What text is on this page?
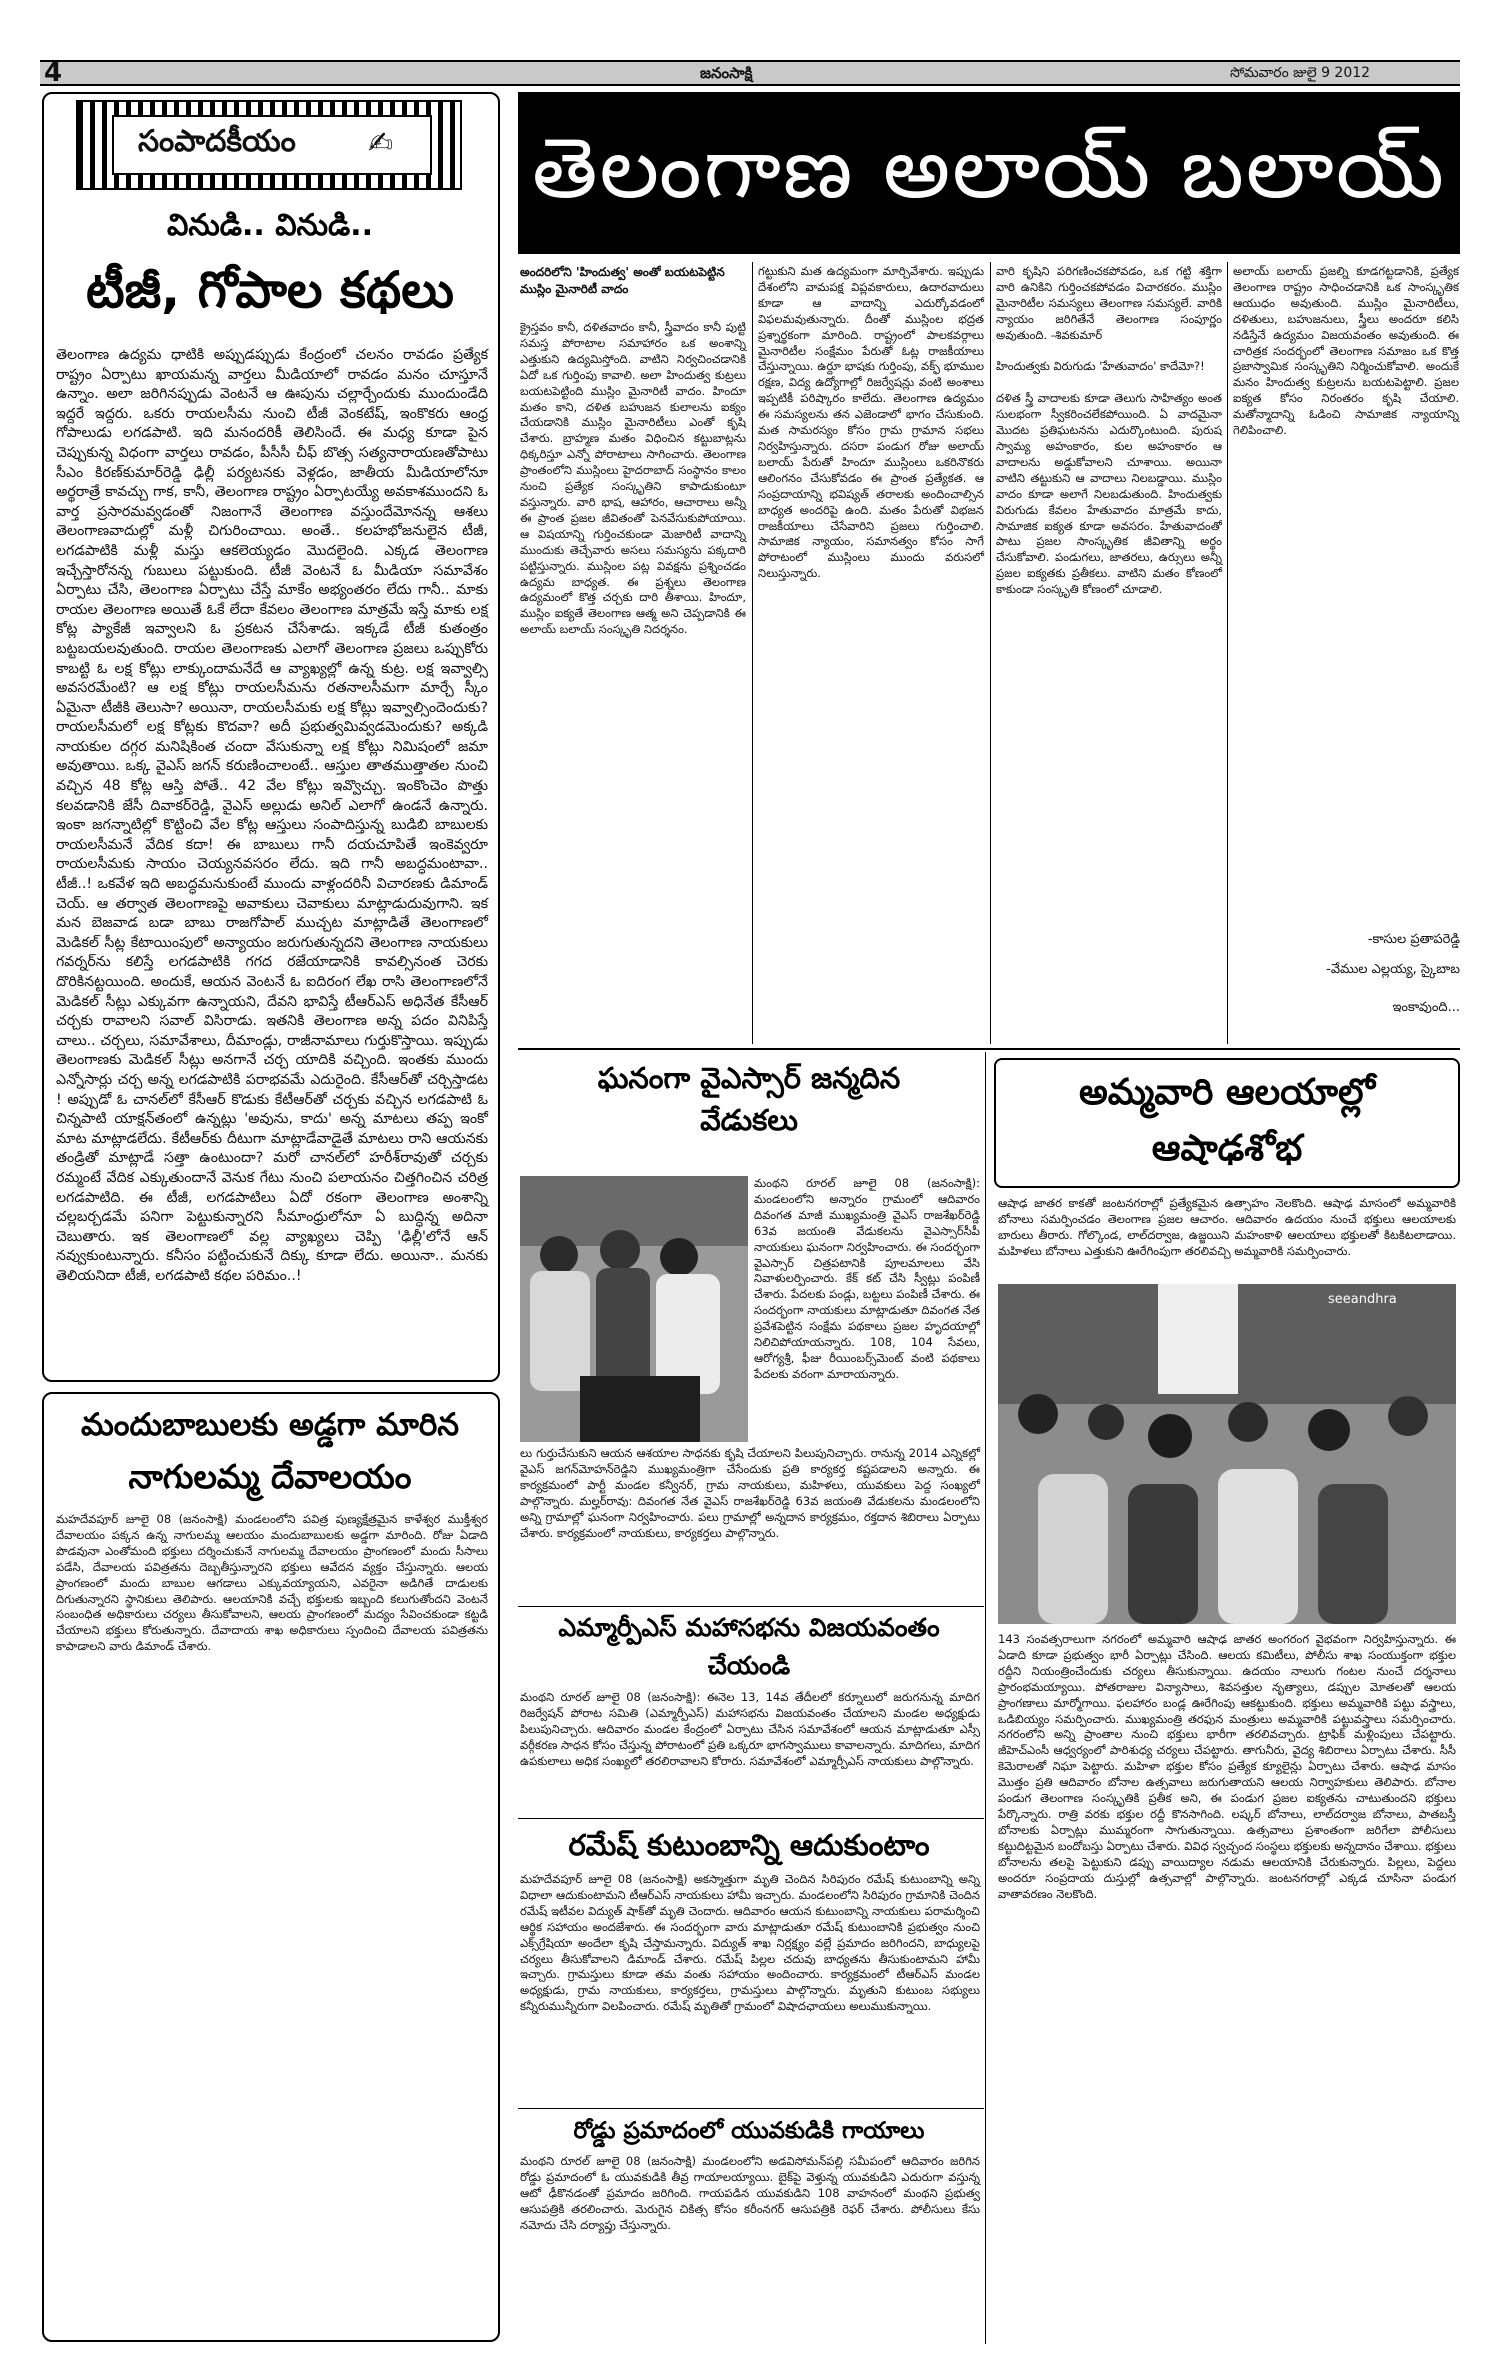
4	జనంసాక్షి	సోమవారం జులై 9 2012
సంపాదకీయం ✍
వినుడి.. వినుడి..
టీజీ, గోపాల కథలు
తెలంగాణ ఉద్యమ ధాటికి అప్పుడప్పుడు కేంద్రంలో చలనం రావడం ప్రత్యేక రాష్ట్రం ఏర్పాటు ఖాయమన్న వార్తలు మీడియాలో రావడం మనం చూస్తూనే ఉన్నాం. అలా జరిగినప్పుడు వెంటనే ఆ ఊపును చల్లార్చేందుకు ముందుండేది ఇద్దరే ఇద్దరు. ఒకరు రాయలసీమ నుంచి టీజీ వెంకటేష్, ఇంకొకరు ఆంధ్ర గోపాలుడు లగడపాటి. ఇది మనందరికీ తెలిసిందే. ఈ మధ్య కూడా పైన చెప్పుకున్న విధంగా వార్తలు రావడం, పీసీసీ చీఫ్ బొత్స సత్యనారాయణతోపాటు సీఎం కిరణ్‌కుమార్‌రెడ్డి ఢిల్లీ పర్యటనకు వెళ్లడం, జాతీయ మీడియాలోనూ అర్థరాత్రే కావచ్చు గాక, కానీ, తెలంగాణ రాష్ట్రం ఏర్పాటయ్యే అవకాశముందని ఓ వార్త ప్రసారమవ్వడంతో నిజంగానే తెలంగాణ వస్తుందేమోనన్న ఆశలు తెలంగాణవాదుల్లో మళ్లీ చిగురించాయి. అంతే.. కలహభోజనులైన టీజీ, లగడపాటికి మళ్లీ మస్తు ఆకలెయ్యడం మొదలైంది. ఎక్కడ తెలంగాణ ఇచ్చేస్తారోనన్న గుబులు పట్టుకుంది. టీజీ వెంటనే ఓ మీడియా సమావేశం ఏర్పాటు చేసి, తెలంగాణ ఏర్పాటు చేస్తే మాకేం అభ్యంతరం లేదు గానీ.. మాకు రాయల తెలంగాణ అయితే ఓకే లేదా కేవలం తెలంగాణ మాత్రమే ఇస్తే మాకు లక్ష కోట్ల ప్యాకేజీ ఇవ్వాలని ఓ ప్రకటన చేసేశాడు. ఇక్కడే టీజీ కుతంత్రం బట్టబయలవుతుంది. రాయల తెలంగాణకు ఎలాగో తెలంగాణ ప్రజలు ఒప్పుకోరు కాబట్టి ఓ లక్ష కోట్లు లాక్కుందామనేదే ఆ వ్యాఖ్యల్లో ఉన్న కుట్ర. లక్ష ఇవ్వాల్సి అవసరమేంటి? ఆ లక్ష కోట్లు రాయలసీమను రతనాలసీమగా మార్చే స్కీం ఏమైనా టీజీకి తెలుసా? అయినా, రాయలసీమకు లక్ష కోట్లు ఇవ్వాల్సిందెందుకు? రాయలసీమలో లక్ష కోట్లకు కొదవా? అదీ ప్రభుత్వమివ్వడమెందుకు? అక్కడి నాయకుల దగ్గర మనిషికింత చందా వేసుకున్నా లక్ష కోట్లు నిమిషంలో జమా అవుతాయి. ఒక్క వైఎస్ జగన్ కరుణించాలంటే.. ఆస్తుల తాతముత్తాతల నుంచి వచ్చిన 48 కోట్ల ఆస్తి పోతే.. 42 వేల కోట్లు ఇవ్వొచ్చు. ఇంకొంచెం పొత్తు కలవడానికి జేసీ దివాకర్‌రెడ్డి, వైఎస్ అల్లుడు అనిల్ ఎలాగో ఉండనే ఉన్నారు. ఇంకా జగన్నాటిల్లో కొట్టించి వేల కోట్ల ఆస్తులు సంపాదిస్తున్న బుడిబి బాబులకు రాయలసీమనే వేదిక కదా! ఈ బాబులు గానీ దయచూపితే ఇంకెవ్వరూ రాయలసీమకు సాయం చెయ్యనవసరం లేదు. ఇది గానీ అబద్ధమంటావా.. టీజీ..! ఒకవేళ ఇది అబద్ధమనుకుంటే ముందు వాళ్లందరినీ విచారణకు డిమాండ్ చెయ్. ఆ తర్వాత తెలంగాణపై అవాకులు చెవాకులు మాట్లాడుదువుగాని. ఇక మన బెజవాడ బడా బాబు రాజగోపాల్ ముచ్చట మాట్లాడితే తెలంగాణలో మెడికల్ సీట్ల కేటాయింపులో అన్యాయం జరుగుతున్నదని తెలంగాణ నాయకులు గవర్నర్‌ను కలిస్తే లగడపాటికి గగద రజేయాడానికి కావల్సినంత చెరకు దొరికినట్టయింది. అందుకే, ఆయన వెంటనే ఓ ఐదిరంగ లేఖ రాసి తెలంగాణలోనే మెడికల్ సీట్లు ఎక్కువగా ఉన్నాయని, దేవని భావిస్తే టీఆర్‌ఎస్ అధినేత కేసీఆర్ చర్చకు రావాలని సవాల్ విసిరాడు. ఇతనికి తెలంగాణ అన్న పదం వినిపిస్తే చాలు.. చర్చలు, సమావేశాలు, దీమాండ్లు, రాజీనామాలు గుర్తుకొస్తాయి. ఇప్పుడు తెలంగాణకు మెడికల్ సీట్లు అనగానే చర్చ యాదికి వచ్చింది. ఇంతకు ముందు ఎన్నోసార్లు చర్చ అన్న లగడపాటికి పరాభవమే ఎదురైంది. కేసీఆర్‌తో చర్చిస్తాడట ! అప్పుడో ఓ చానల్‌లో కేసీఆర్ కొడుకు కేటీఆర్‌తో చర్చకు వచ్చిన లగడపాటి ఓ చిన్నపాటి యాక్షన్‌తంలో ఉన్నట్లు 'అవును, కాదు' అన్న మాటలు తప్ప ఇంకో మాట మాట్లాడలేదు. కేటీఆర్‌కు దీటుగా మాట్లాడేవాడైతే మాటలు రాని ఆయనకు తండ్రితో మాట్లాడే సత్తా ఉంటుందా? మరో చానల్‌లో హరీశ్‌రావుతో చర్చకు రమ్మంటే వేదిక ఎక్కుతుందానే వెనుక గేటు నుంచి పలాయనం చిత్తగించిన చరిత్ర లగడపాటిది. ఈ టీజీ, లగడపాటిలు ఏదో రకంగా తెలంగాణ అంశాన్ని చల్లబర్చడమే పనిగా పెట్టుకున్నారని సీమాంధ్రులోనూ ఏ బుద్ధిన్న అదినా చెబుతారు. ఇక తెలంగాణలో వల్ల వ్యాఖ్యలు చెప్పి 'ఢిల్లీ'లోనే ఆన్ నవ్వుకుంటున్నారు. కనీసం పట్టించుకునే దిక్కు కూడా లేదు. అయినా.. మనకు తెలియనిదా టీజీ, లగడపాటి కథల పరిమం..!
మందుబాబులకు అడ్డగా మారిన
నాగులమ్మ దేవాలయం
మహదేవపూర్ జూలై 08 (జనంసాక్షి) మండలంలోని పవిత్ర పుణ్యక్షేత్రమైన కాళేశ్వర ముక్తీశ్వర దేవాలయం పక్కన ఉన్న నాగులమ్మ ఆలయం మందుబాబులకు అడ్డగా మారింది. రోజు ఏడాది పొడవునా ఎంతోమంది భక్తులు దర్శించుకునే నాగులమ్మ దేవాలయం ప్రాంగణంలో మందు సీసాలు పడేసి, దేవాలయ పవిత్రతను దెబ్బతీస్తున్నారని భక్తులు ఆవేదన వ్యక్తం చేస్తున్నారు. ఆలయ ప్రాంగణంలో మందు బాబుల ఆగడాలు ఎక్కువయ్యాయని, ఎవరైనా అడిగితే దాడులకు దిగుతున్నారని స్థానికులు తెలిపారు. ఆలయానికి వచ్చే భక్తులకు ఇబ్బంది కలుగుతోందని వెంటనే సంబంధిత అధికారులు చర్యలు తీసుకోవాలని, ఆలయ ప్రాంగణంలో మద్యం సేవించకుండా కట్టడి చేయాలని భక్తులు కోరుతున్నారు. దేవాదాయ శాఖ అధికారులు స్పందించి దేవాలయ పవిత్రతను కాపాడాలని వారు డిమాండ్ చేశారు.
తెలంగాణ అలాయ్ బలాయ్
అందరిలోని 'హిందుత్వ' అంతో బయటపెట్టిన ముస్లిం మైనారిటీ వాదం
క్రైస్తవం కానీ, దళితవాదం కానీ, స్త్రీవాదం కానీ పుట్టి సమస్త పోరాటాల సమాహారం ఒక అంశాన్ని ఎత్తుకుని ఉద్యమిస్తోంది. వాటిని నిర్వచించడానికి ఏదో ఒక గుర్తింపు కావాలి. అలా హిందుత్వ కుట్రలు బయటపెట్టింది ముస్లిం మైనారిటీ వాదం. హిందూ మతం కాని, దళిత బహుజన కులాలను ఐక్యం చేయడానికి ముస్లిం మైనారిటీలు ఎంతో కృషి చేశారు. బ్రాహ్మణ మతం విధించిన కట్టుబాట్లను ధిక్కరిస్తూ ఎన్నో పోరాటాలు సాగించారు. తెలంగాణ ప్రాంతంలోని ముస్లింలు హైదరాబాద్ సంస్థానం కాలం నుంచి ప్రత్యేక సంస్కృతిని కాపాడుకుంటూ వస్తున్నారు. వారి భాష, ఆహారం, ఆచారాలు అన్నీ ఈ ప్రాంత ప్రజల జీవితంతో పెనవేసుకుపోయాయి. ఆ విషయాన్ని గుర్తించకుండా మెజారిటీ వాదాన్ని ముందుకు తెచ్చేవారు అసలు సమస్యను పక్కదారి పట్టిస్తున్నారు. ముస్లింల పట్ల వివక్షను ప్రశ్నించడం ఉద్యమ బాధ్యత. ఈ ప్రశ్నలు తెలంగాణ ఉద్యమంలో కొత్త చర్చకు దారి తీశాయి. హిందూ, ముస్లిం ఐక్యతే తెలంగాణ ఆత్మ అని చెప్పడానికి ఈ అలాయ్ బలాయ్ సంస్కృతి నిదర్శనం.
గట్టుకుని మత ఉద్యమంగా మార్చివేశారు. ఇప్పుడు దేశంలోని వామపక్ష విప్లవకారులు, ఉదారవాదులు కూడా ఆ వాదాన్ని ఎదుర్కోవడంలో విఫలమవుతున్నారు. దీంతో ముస్లింల భద్రత ప్రశ్నార్థకంగా మారింది. రాష్ట్రంలో పాలకవర్గాలు మైనారిటీల సంక్షేమం పేరుతో ఓట్ల రాజకీయాలు చేస్తున్నాయి. ఉర్దూ భాషకు గుర్తింపు, వక్ఫ్ భూముల రక్షణ, విద్య ఉద్యోగాల్లో రిజర్వేషన్లు వంటి అంశాలు ఇప్పటికీ పరిష్కారం కాలేదు. తెలంగాణ ఉద్యమం ఈ సమస్యలను తన ఎజెండాలో భాగం చేసుకుంది. మత సామరస్యం కోసం గ్రామ గ్రామాన సభలు నిర్వహిస్తున్నారు. దసరా పండుగ రోజు అలాయ్ బలాయ్ పేరుతో హిందూ ముస్లింలు ఒకరినొకరు ఆలింగనం చేసుకోవడం ఈ ప్రాంత ప్రత్యేకత. ఆ సంప్రదాయాన్ని భవిష్యత్ తరాలకు అందించాల్సిన బాధ్యత అందరిపై ఉంది. మతం పేరుతో విభజన రాజకీయాలు చేసేవారిని ప్రజలు గుర్తించాలి. సామాజిక న్యాయం, సమానత్వం కోసం సాగే పోరాటంలో ముస్లింలు ముందు వరుసలో నిలుస్తున్నారు.
వారి కృషిని పరిగణించకపోవడం, ఒక గట్టి శక్తిగా వారి ఉనికిని గుర్తించకపోవడం విచారకరం. ముస్లిం మైనారిటీల సమస్యలు తెలంగాణ సమస్యలే. వారికి న్యాయం జరిగితేనే తెలంగాణ సంపూర్ణం అవుతుంది. -శివకుమార్

హిందుత్వకు విరుగుడు 'హేతువాదం' కాదేమో?!

దళిత స్త్రీ వాదాలకు కూడా తెలుగు సాహిత్యం అంత సులభంగా స్వీకరించలేకపోయింది. ఏ వాదమైనా మొదట ప్రతిఘటనను ఎదుర్కొంటుంది. పురుష స్వామ్య అహంకారం, కుల అహంకారం ఆ వాదాలను అడ్డుకోవాలని చూశాయి. అయినా వాటిని తట్టుకుని ఆ వాదాలు నిలబడ్డాయి. ముస్లిం వాదం కూడా అలాగే నిలబడుతుంది. హిందుత్వకు విరుగుడు కేవలం హేతువాదం మాత్రమే కాదు, సామాజిక ఐక్యత కూడా అవసరం. హేతువాదంతో పాటు ప్రజల సాంస్కృతిక జీవితాన్ని అర్థం చేసుకోవాలి. పండుగలు, జాతరలు, ఉర్సులు అన్నీ ప్రజల ఐక్యతకు ప్రతీకలు. వాటిని మతం కోణంలో కాకుండా సంస్కృతి కోణంలో చూడాలి.
అలాయ్ బలాయ్ ప్రజల్ని కూడగట్టడానికి, ప్రత్యేక తెలంగాణ రాష్ట్రం సాధించడానికి ఒక సాంస్కృతిక ఆయుధం అవుతుంది. ముస్లిం మైనారిటీలు, దళితులు, బహుజనులు, స్త్రీలు అందరూ కలిసి నడిస్తేనే ఉద్యమం విజయవంతం అవుతుంది. ఈ చారిత్రక సందర్భంలో తెలంగాణ సమాజం ఒక కొత్త ప్రజాస్వామిక సంస్కృతిని నిర్మించుకోవాలి. అందుకే మనం హిందుత్వ కుట్రలను బయటపెట్టాలి. ప్రజల ఐక్యత కోసం నిరంతరం కృషి చేయాలి. మతోన్మాదాన్ని ఓడించి సామాజిక న్యాయాన్ని గెలిపించాలి.
-కాసుల ప్రతాపరెడ్డి
-వేముల ఎల్లయ్య, స్కైబాబ
ఇంకావుంది...
ఘనంగా వైఎస్సార్ జన్మదిన
వేడుకలు
మంథని రూరల్ జూలై 08 (జనంసాక్షి): మండలంలోని అన్నారం గ్రామంలో ఆదివారం దివంగత మాజీ ముఖ్యమంత్రి వైఎస్ రాజశేఖర్‌రెడ్డి 63వ జయంతి వేడుకలను వైఎస్సార్‌సీపీ నాయకులు ఘనంగా నిర్వహించారు. ఈ సందర్భంగా వైఎస్సార్ చిత్రపటానికి పూలమాలలు వేసి నివాళులర్పించారు. కేక్ కట్ చేసి స్వీట్లు పంపిణీ చేశారు. పేదలకు పండ్లు, బట్టలు పంపిణీ చేశారు. ఈ సందర్భంగా నాయకులు మాట్లాడుతూ దివంగత నేత ప్రవేశపెట్టిన సంక్షేమ పథకాలు ప్రజల హృదయాల్లో నిలిచిపోయాయన్నారు. 108, 104 సేవలు, ఆరోగ్యశ్రీ, ఫీజు రీయింబర్స్‌మెంట్ వంటి పథకాలు పేదలకు వరంగా మారాయన్నారు.
లు గుర్తుచేసుకుని ఆయన ఆశయాల సాధనకు కృషి చేయాలని పిలుపునిచ్చారు. రానున్న 2014 ఎన్నికల్లో వైఎస్ జగన్‌మోహన్‌రెడ్డిని ముఖ్యమంత్రిగా చేసేందుకు ప్రతి కార్యకర్త కష్టపడాలని అన్నారు. ఈ కార్యక్రమంలో పార్టీ మండల కన్వీనర్, గ్రామ నాయకులు, మహిళలు, యువకులు పెద్ద సంఖ్యలో పాల్గొన్నారు. మల్హర్‌రావు: దివంగత నేత వైఎస్ రాజశేఖర్‌రెడ్డి 63వ జయంతి వేడుకలను మండలంలోని అన్ని గ్రామాల్లో ఘనంగా నిర్వహించారు. పలు గ్రామాల్లో అన్నదాన కార్యక్రమం, రక్తదాన శిబిరాలు ఏర్పాటు చేశారు. కార్యక్రమంలో నాయకులు, కార్యకర్తలు పాల్గొన్నారు.
ఎమ్మార్పీఎస్ మహాసభను విజయవంతం
చేయండి
మంథని రూరల్ జూలై 08 (జనంసాక్షి): ఈనెల 13, 14వ తేదీలలో కర్నూలులో జరుగనున్న మాదిగ రిజర్వేషన్ పోరాట సమితి (ఎమ్మార్పీఎస్) మహాసభను విజయవంతం చేయాలని మండల అధ్యక్షుడు పిలుపునిచ్చారు. ఆదివారం మండల కేంద్రంలో ఏర్పాటు చేసిన సమావేశంలో ఆయన మాట్లాడుతూ ఎస్సీ వర్గీకరణ సాధన కోసం చేస్తున్న పోరాటంలో ప్రతి ఒక్కరూ భాగస్వాములు కావాలన్నారు. మాదిగలు, మాదిగ ఉపకులాలు అధిక సంఖ్యలో తరలిరావాలని కోరారు. సమావేశంలో ఎమ్మార్పీఎస్ నాయకులు పాల్గొన్నారు.
రమేష్ కుటుంబాన్ని ఆదుకుంటాం
మహదేవపూర్ జూలై 08 (జనంసాక్షి) అకస్మాత్తుగా మృతి చెందిన సిరిపురం రమేష్ కుటుంబాన్ని అన్ని విధాలా ఆదుకుంటామని టీఆర్‌ఎస్ నాయకులు హామీ ఇచ్చారు. మండలంలోని సిరిపురం గ్రామానికి చెందిన రమేష్ ఇటీవల విద్యుత్ షాక్‌తో మృతి చెందారు. ఆదివారం ఆయన కుటుంబాన్ని నాయకులు పరామర్శించి ఆర్థిక సహాయం అందజేశారు. ఈ సందర్భంగా వారు మాట్లాడుతూ రమేష్ కుటుంబానికి ప్రభుత్వం నుంచి ఎక్స్‌గ్రేషియా అందేలా కృషి చేస్తామన్నారు. విద్యుత్ శాఖ నిర్లక్ష్యం వల్లే ప్రమాదం జరిగిందని, బాధ్యులపై చర్యలు తీసుకోవాలని డిమాండ్ చేశారు. రమేష్ పిల్లల చదువు బాధ్యతను తీసుకుంటామని హామీ ఇచ్చారు. గ్రామస్తులు కూడా తమ వంతు సహాయం అందించారు. కార్యక్రమంలో టీఆర్‌ఎస్ మండల అధ్యక్షుడు, గ్రామ నాయకులు, కార్యకర్తలు, గ్రామస్తులు పాల్గొన్నారు. మృతుని కుటుంబ సభ్యులు కన్నీరుమున్నీరుగా విలపించారు. రమేష్ మృతితో గ్రామంలో విషాదఛాయలు అలుముకున్నాయి.
రోడ్డు ప్రమాదంలో యువకుడికి గాయాలు
మంథని రూరల్ జూలై 08 (జనంసాక్షి) మండలంలోని అడవిసోమన్‌పల్లి సమీపంలో ఆదివారం జరిగిన రోడ్డు ప్రమాదంలో ఓ యువకుడికి తీవ్ర గాయాలయ్యాయి. బైక్‌పై వెళ్తున్న యువకుడిని ఎదురుగా వస్తున్న ఆటో ఢీకొనడంతో ప్రమాదం జరిగింది. గాయపడిన యువకుడిని 108 వాహనంలో మంథని ప్రభుత్వ ఆసుపత్రికి తరలించారు. మెరుగైన చికిత్స కోసం కరీంనగర్ ఆసుపత్రికి రెఫర్ చేశారు. పోలీసులు కేసు నమోదు చేసి దర్యాప్తు చేస్తున్నారు.
అమ్మవారి ఆలయాల్లో
ఆషాఢశోభ
ఆషాఢ జాతర కాకతో జంటనగరాల్లో ప్రత్యేకమైన ఉత్సాహం నెలకొంది. ఆషాఢ మాసంలో అమ్మవారికి బోనాలు సమర్పించడం తెలంగాణ ప్రజల ఆచారం. ఆదివారం ఉదయం నుంచే భక్తులు ఆలయాలకు బారులు తీరారు. గోల్కొండ, లాల్‌దర్వాజ, ఉజ్జయిని మహంకాళి ఆలయాలు భక్తులతో కిటకిటలాడాయి. మహిళలు బోనాలు ఎత్తుకుని ఊరేగింపుగా తరలివచ్చి అమ్మవారికి సమర్పించారు.
seeandhra
143 సంవత్సరాలుగా నగరంలో అమ్మవారి ఆషాఢ జాతర అంగరంగ వైభవంగా నిర్వహిస్తున్నారు. ఈ ఏడాది కూడా ప్రభుత్వం భారీ ఏర్పాట్లు చేసింది. ఆలయ కమిటీలు, పోలీసు శాఖ సంయుక్తంగా భక్తుల రద్దీని నియంత్రించేందుకు చర్యలు తీసుకున్నాయి. ఉదయం నాలుగు గంటల నుంచే దర్శనాలు ప్రారంభమయ్యాయి. పోతరాజుల విన్యాసాలు, శివసత్తుల నృత్యాలు, డప్పుల మోతలతో ఆలయ ప్రాంగణాలు మార్మోగాయి. ఫలహారం బండ్ల ఊరేగింపు ఆకట్టుకుంది. భక్తులు అమ్మవారికి పట్టు వస్త్రాలు, ఒడిబియ్యం సమర్పించారు. ముఖ్యమంత్రి తరఫున మంత్రులు అమ్మవారికి పట్టువస్త్రాలు సమర్పించారు. నగరంలోని అన్ని ప్రాంతాల నుంచి భక్తులు భారీగా తరలివచ్చారు. ట్రాఫిక్ మళ్లింపులు చేపట్టారు. జీహెచ్ఎంసీ ఆధ్వర్యంలో పారిశుధ్య చర్యలు చేపట్టారు. తాగునీరు, వైద్య శిబిరాలు ఏర్పాటు చేశారు. సీసీ కెమెరాలతో నిఘా పెట్టారు. మహిళా భక్తుల కోసం ప్రత్యేక క్యూలైన్లు ఏర్పాటు చేశారు. ఆషాఢ మాసం మొత్తం ప్రతి ఆదివారం బోనాల ఉత్సవాలు జరుగుతాయని ఆలయ నిర్వాహకులు తెలిపారు. బోనాల పండుగ తెలంగాణ సంస్కృతికి ప్రతీక అని, ఈ పండుగ ప్రజల ఐక్యతను చాటుతుందని భక్తులు పేర్కొన్నారు. రాత్రి వరకు భక్తుల రద్దీ కొనసాగింది. లష్కర్ బోనాలు, లాల్‌దర్వాజ బోనాలు, పాతబస్తీ బోనాలకు ఏర్పాట్లు ముమ్మరంగా సాగుతున్నాయి. ఉత్సవాలు ప్రశాంతంగా జరిగేలా పోలీసులు కట్టుదిట్టమైన బందోబస్తు ఏర్పాటు చేశారు. వివిధ స్వచ్ఛంద సంస్థలు భక్తులకు అన్నదానం చేశాయి. భక్తులు బోనాలను తలపై పెట్టుకుని డప్పు వాయిద్యాల నడుమ ఆలయానికి చేరుకున్నారు. పిల్లలు, పెద్దలు అందరూ సంప్రదాయ దుస్తుల్లో ఉత్సవాల్లో పాల్గొన్నారు. జంటనగరాల్లో ఎక్కడ చూసినా పండుగ వాతావరణం నెలకొంది.
